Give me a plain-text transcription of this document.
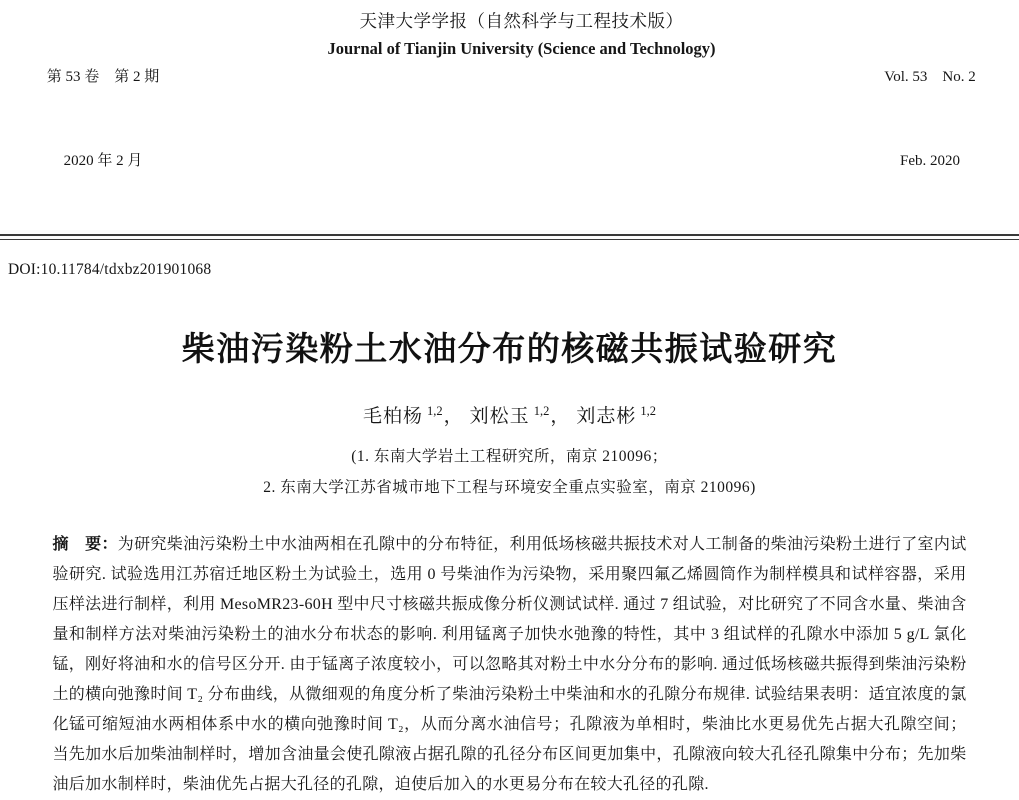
第 53 卷　第 2 期

2020 年 2 月

天津大学学报（自然科学与工程技术版）
Journal of Tianjin University (Science and Technology)

Vol. 53　No. 2

Feb. 2020

DOI:10.11784/tdxbz201901068
柴油污染粉土水油分布的核磁共振试验研究
毛柏杨 $^{1,2}$， 刘松玉 $^{1,2}$， 刘志彬 $^{1,2}$
(1. 东南大学岩土工程研究所，南京 210096；
2. 东南大学江苏省城市地下工程与环境安全重点实验室，南京 210096)

摘　要：为研究柴油污染粉土中水油两相在孔隙中的分布特征，利用低场核磁共振技术对人工制备的柴油污染粉土进行了室内试验研究. 试验选用江苏宿迁地区粉土为试验土，选用 0 号柴油作为污染物，采用聚四氟乙烯圆筒作为制样模具和试样容器，采用压样法进行制样，利用 MesoMR23-60H 型中尺寸核磁共振成像分析仪测试试样. 通过 7 组试验，对比研究了不同含水量、柴油含量和制样方法对柴油污染粉土的油水分布状态的影响. 利用锰离子加快水弛豫的特性，其中 3 组试样的孔隙水中添加 5 g/L 氯化锰，刚好将油和水的信号区分开. 由于锰离子浓度较小，可以忽略其对粉土中水分分布的影响. 通过低场核磁共振得到柴油污染粉土的横向弛豫时间 T₂ 分布曲线，从微细观的角度分析了柴油污染粉土中柴油和水的孔隙分布规律. 试验结果表明：适宜浓度的氯化锰可缩短油水两相体系中水的横向弛豫时间 T₂，从而分离水油信号；孔隙液为单相时，柴油比水更易优先占据大孔隙空间；当先加水后加柴油制样时，增加含油量会使孔隙液占据孔隙的孔径分布区间更加集中，孔隙液向较大孔径孔隙集中分布；先加柴油后加水制样时，柴油优先占据大孔径的孔隙，迫使后加入的水更易分布在较大孔径的孔隙.
